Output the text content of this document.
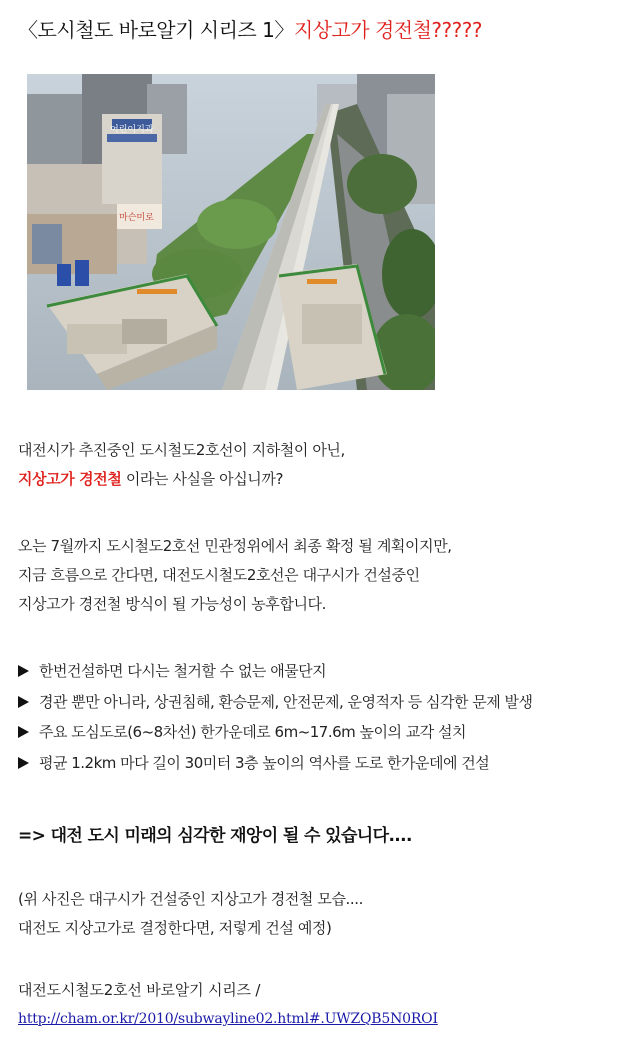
〈도시철도 바로알기 시리즈 1〉지상고가 경전철?????
어린이지과
마슨미로

대전시가 추진중인 도시철도2호선이 지하철이 아닌,

지상고가 경전철 이라는 사실을 아십니까?

오는 7월까지 도시철도2호선 민관정위에서 최종 확정 될 계획이지만,

지금 흐름으로 간다면, 대전도시철도2호선은 대구시가 건설중인

지상고가 경전철 방식이 될 가능성이 농후합니다.

한번건설하면 다시는 철거할 수 없는 애물단지
경관 뿐만 아니라, 상권침해, 환승문제, 안전문제, 운영적자 등 심각한 문제 발생
주요 도심도로(6~8차선) 한가운데로 6m~17.6m 높이의 교각 설치
평균 1.2km 마다 길이 30미터 3층 높이의 역사를 도로 한가운데에 건설
=> 대전 도시 미래의 심각한 재앙이 될 수 있습니다....
(위 사진은 대구시가 건설중인 지상고가 경전철 모습....
대전도 지상고가로 결정한다면, 저렇게 건설 예정)
대전도시철도2호선 바로알기 시리즈 /
http://cham.or.kr/2010/subwayline02.html#.UWZQB5N0ROI
